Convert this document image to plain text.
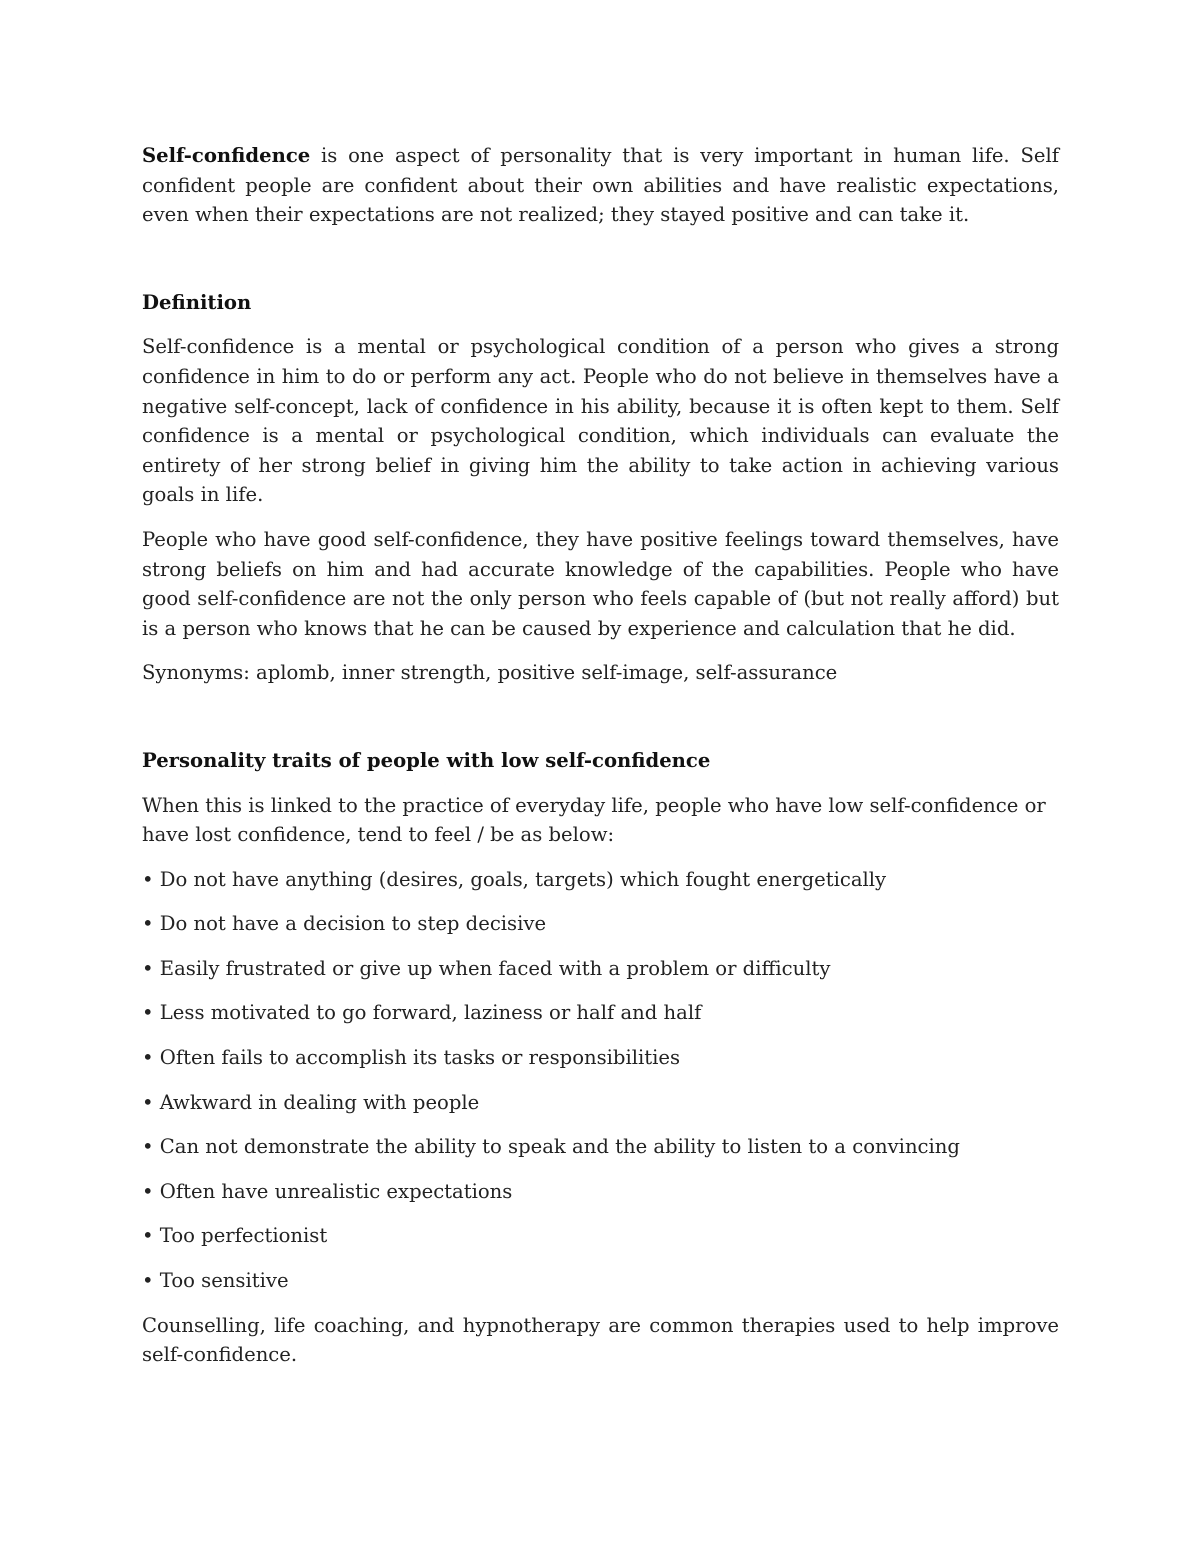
Self-confidence is one aspect of personality that is very important in human life. Self confident people are confident about their own abilities and have realistic expectations, even when their expectations are not realized; they stayed positive and can take it.

Definition

Self-confidence is a mental or psychological condition of a person who gives a strong confidence in him to do or perform any act. People who do not believe in themselves have a negative self-concept, lack of confidence in his ability, because it is often kept to them. Self confidence is a mental or psychological condition, which individuals can evaluate the entirety of her strong belief in giving him the ability to take action in achieving various goals in life.

People who have good self-confidence, they have positive feelings toward themselves, have strong beliefs on him and had accurate knowledge of the capabilities. People who have good self-confidence are not the only person who feels capable of (but not really afford) but is a person who knows that he can be caused by experience and calculation that he did.

Synonyms: aplomb, inner strength, positive self-image, self-assurance

Personality traits of people with low self-confidence

When this is linked to the practice of everyday life, people who have low self-confidence or have lost confidence, tend to feel / be as below:

• Do not have anything (desires, goals, targets) which fought energetically

• Do not have a decision to step decisive

• Easily frustrated or give up when faced with a problem or difficulty

• Less motivated to go forward, laziness or half and half

• Often fails to accomplish its tasks or responsibilities

• Awkward in dealing with people

• Can not demonstrate the ability to speak and the ability to listen to a convincing

• Often have unrealistic expectations

• Too perfectionist

• Too sensitive

Counselling, life coaching, and hypnotherapy are common therapies used to help improve self-confidence.
